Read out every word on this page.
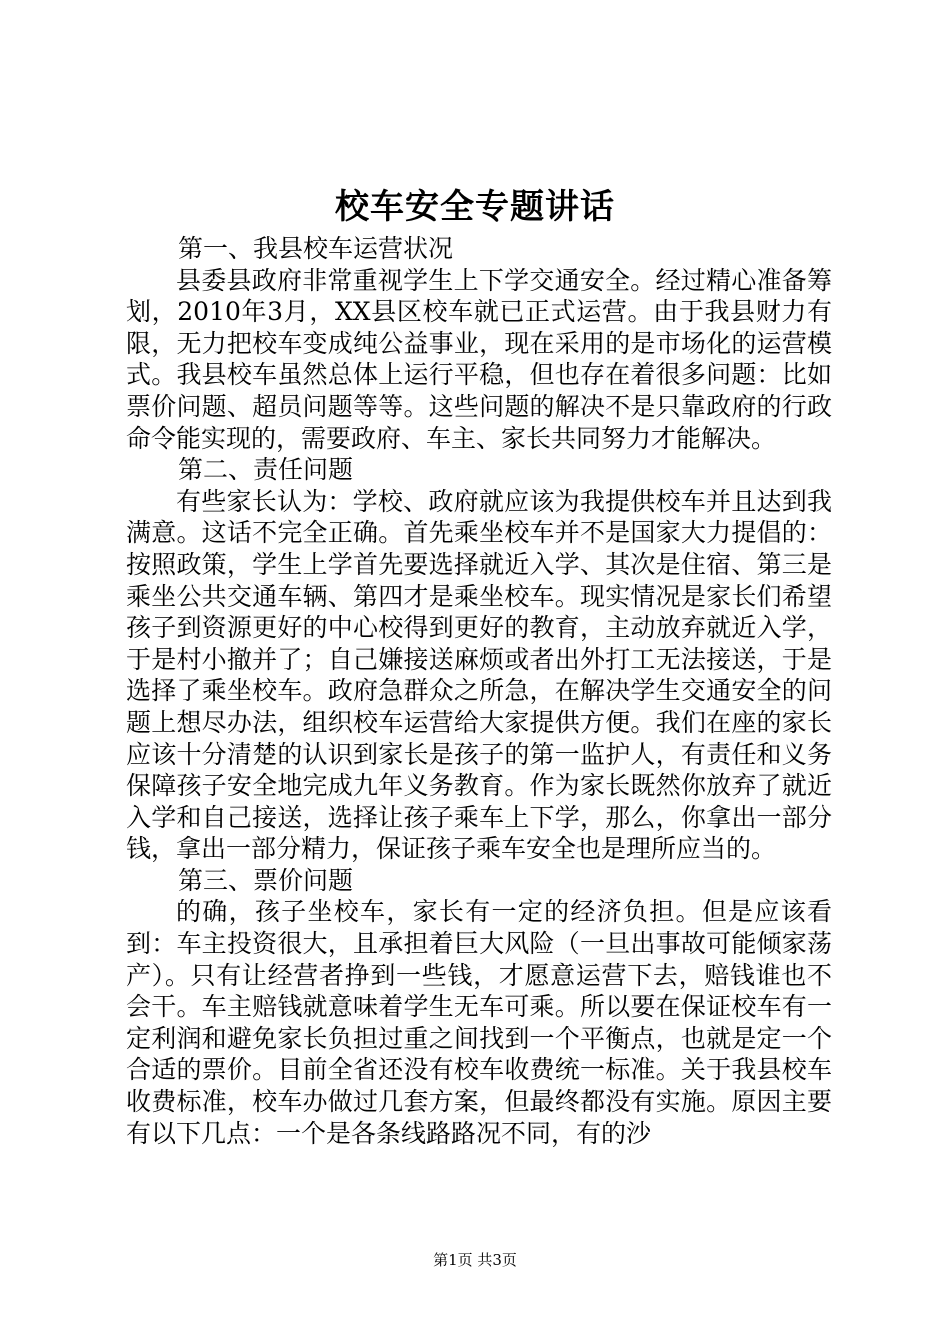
校车安全专题讲话

第一、我县校车运营状况

县委县政府非常重视学生上下学交通安全。经过精心准备筹划，2010年3月，XX县区校车就已正式运营。由于我县财力有限，无力把校车变成纯公益事业，现在采用的是市场化的运营模式。我县校车虽然总体上运行平稳，但也存在着很多问题：比如票价问题、超员问题等等。这些问题的解决不是只靠政府的行政命令能实现的，需要政府、车主、家长共同努力才能解决。

第二、责任问题

有些家长认为：学校、政府就应该为我提供校车并且达到我满意。这话不完全正确。首先乘坐校车并不是国家大力提倡的：按照政策，学生上学首先要选择就近入学、其次是住宿、第三是乘坐公共交通车辆、第四才是乘坐校车。现实情况是家长们希望孩子到资源更好的中心校得到更好的教育，主动放弃就近入学，于是村小撤并了；自己嫌接送麻烦或者出外打工无法接送，于是选择了乘坐校车。政府急群众之所急，在解决学生交通安全的问题上想尽办法，组织校车运营给大家提供方便。我们在座的家长应该十分清楚的认识到家长是孩子的第一监护人，有责任和义务保障孩子安全地完成九年义务教育。作为家长既然你放弃了就近入学和自己接送，选择让孩子乘车上下学，那么，你拿出一部分钱，拿出一部分精力，保证孩子乘车安全也是理所应当的。

第三、票价问题

的确，孩子坐校车，家长有一定的经济负担。但是应该看到：车主投资很大，且承担着巨大风险（一旦出事故可能倾家荡产）。只有让经营者挣到一些钱，才愿意运营下去，赔钱谁也不会干。车主赔钱就意味着学生无车可乘。所以要在保证校车有一定利润和避免家长负担过重之间找到一个平衡点，也就是定一个合适的票价。目前全省还没有校车收费统一标准。关于我县校车收费标准，校车办做过几套方案，但最终都没有实施。原因主要有以下几点：一个是各条线路路况不同，有的沙

第1页 共3页
